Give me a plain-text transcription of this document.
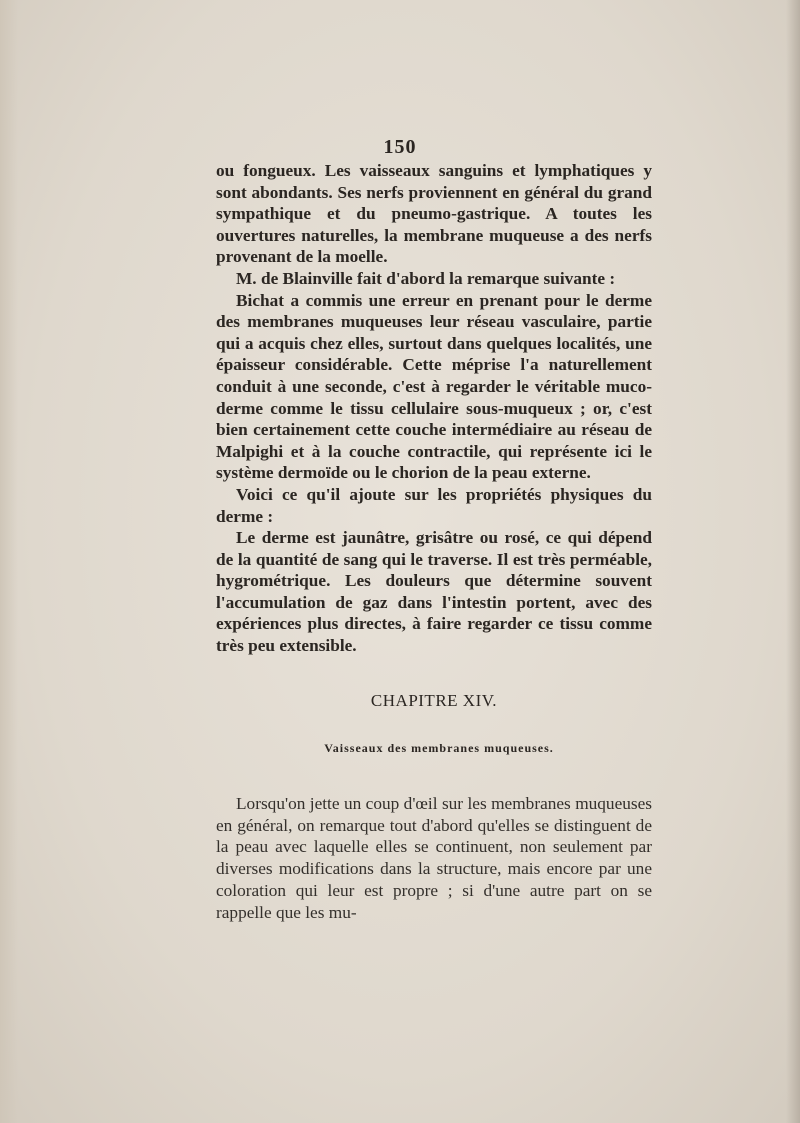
150

ou fongueux. Les vaisseaux sanguins et lymphatiques y sont abondants. Ses nerfs proviennent en général du grand sympathique et du pneumo-gastrique. A toutes les ouvertures naturelles, la membrane muqueuse a des nerfs provenant de la moelle.

M. de Blainville fait d'abord la remarque suivante :

Bichat a commis une erreur en prenant pour le derme des membranes muqueuses leur réseau vasculaire, partie qui a acquis chez elles, surtout dans quelques localités, une épaisseur considérable. Cette méprise l'a naturellement conduit à une seconde, c'est à regarder le véritable muco-derme comme le tissu cellulaire sous-muqueux ; or, c'est bien certainement cette couche intermédiaire au réseau de Malpighi et à la couche contractile, qui représente ici le système dermoïde ou le chorion de la peau externe.

Voici ce qu'il ajoute sur les propriétés physiques du derme :

Le derme est jaunâtre, grisâtre ou rosé, ce qui dépend de la quantité de sang qui le traverse. Il est très perméable, hygrométrique. Les douleurs que détermine souvent l'accumulation de gaz dans l'intestin portent, avec des expériences plus directes, à faire regarder ce tissu comme très peu extensible.

CHAPITRE XIV.
Vaisseaux des membranes muqueuses.

Lorsqu'on jette un coup d'œil sur les membranes muqueuses en général, on remarque tout d'abord qu'elles se distinguent de la peau avec laquelle elles se continuent, non seulement par diverses modifications dans la structure, mais encore par une coloration qui leur est propre ; si d'une autre part on se rappelle que les mu-
